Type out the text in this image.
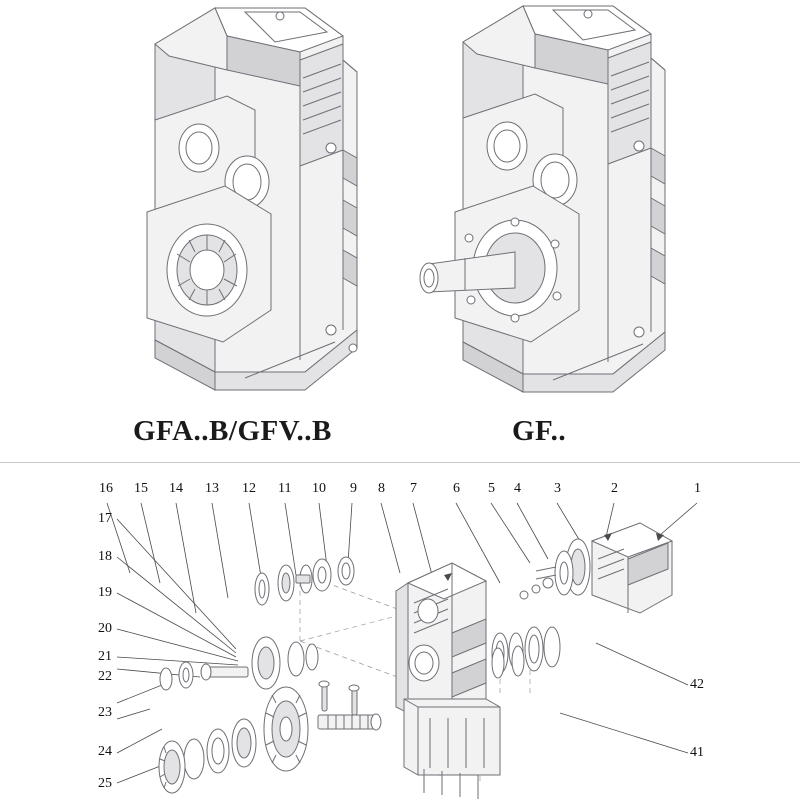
GFA..B/GFV..B	GF..
16 15 14 13 12 11 10 9 8 7	6 5 4 3	2	1
17
18
19
20
21
22
23
24
25
42
41
